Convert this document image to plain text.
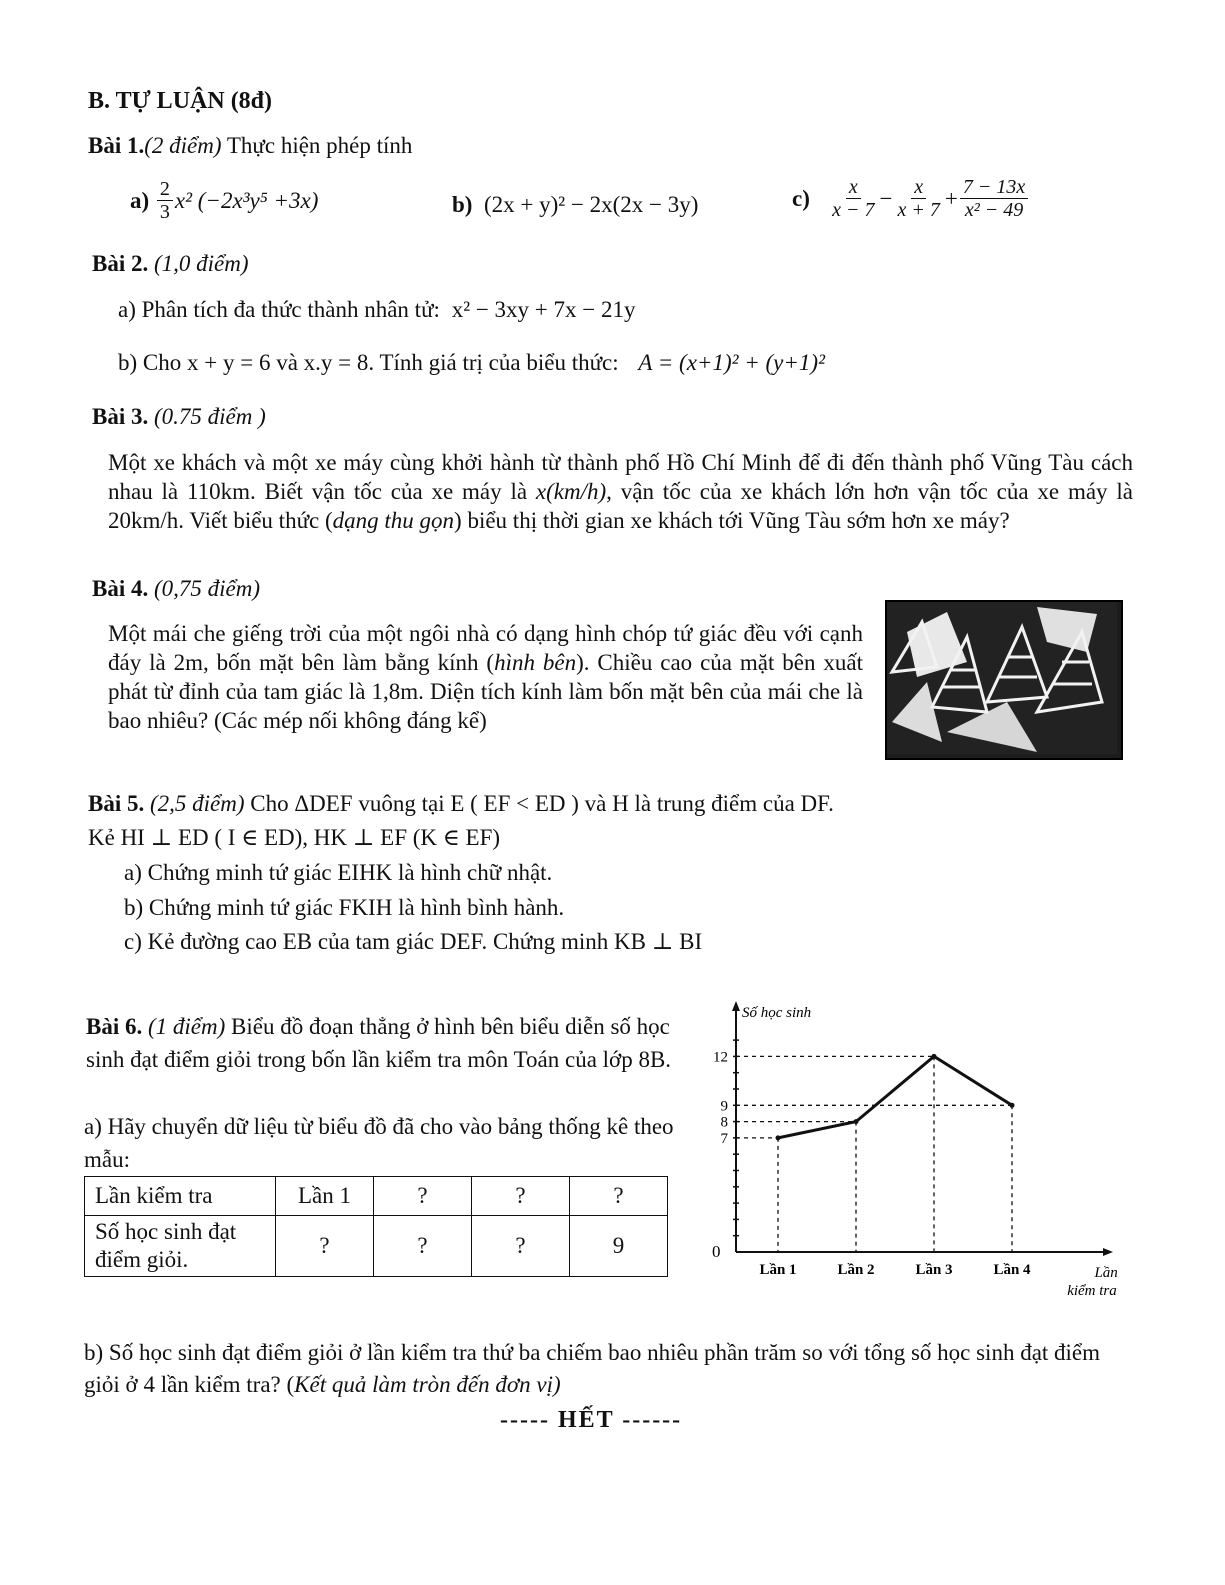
B. TỰ LUẬN (8đ)
Bài 1.(2 điểm) Thực hiện phép tính
a)
$\frac{2}{3} x^2$ (−2x³y⁵ +3x)	b) (2x + y)² − 2x(2x − 3y)	c)
$\frac{x}{x - 7} - \frac{x}{x + 7} + \frac{7 - 13x}{\text{x² − 49}}$
Bài 2. (1,0 điểm)
a) Phân tích đa thức thành nhân tử: x² − 3xy + 7x − 21y
b) Cho x + y = 6 và x.y = 8. Tính giá trị của biểu thức: A = (x+1)² + (y+1)²
Bài 3. (0.75 điểm )
Một xe khách và một xe máy cùng khởi hành từ thành phố Hồ Chí Minh để đi đến thành phố Vũng Tàu cách nhau là 110km. Biết vận tốc của xe máy là x(km/h), vận tốc của xe khách lớn hơn vận tốc của xe máy là 20km/h. Viết biểu thức (dạng thu gọn) biểu thị thời gian xe khách tới Vũng Tàu sớm hơn xe máy?
Bài 4. (0,75 điểm)
Một mái che giếng trời của một ngôi nhà có dạng hình chóp tứ giác đều với cạnh đáy là 2m, bốn mặt bên làm bằng kính (hình bên). Chiều cao của mặt bên xuất phát từ đỉnh của tam giác là 1,8m. Diện tích kính làm bốn mặt bên của mái che là bao nhiêu? (Các mép nối không đáng kể)
Bài 5. (2,5 điểm) Cho ΔDEF vuông tại E ( EF < ED ) và H là trung điểm của DF.
Kẻ HI ⊥ ED ( I ∈ ED), HK ⊥ EF (K ∈ EF)
a) Chứng minh tứ giác EIHK là hình chữ nhật.
b) Chứng minh tứ giác FKIH là hình bình hành.
c) Kẻ đường cao EB của tam giác DEF. Chứng minh KB ⊥ BI
Bài 6. (1 điểm) Biểu đồ đoạn thẳng ở hình bên biểu diễn số học sinh đạt điểm giỏi trong bốn lần kiểm tra môn Toán của lớp 8B.
a) Hãy chuyển dữ liệu từ biểu đồ đã cho vào bảng thống kê theo mẫu:
Lần kiểm tra	Lần 1	?	?	?
Số học sinh đạt điểm giỏi.	?	?	?	9
7
8
9
12
Lần 1	Lần 2	Lần 3	Lần 4
Số học sinh
Lần kiểm tra
0
b) Số học sinh đạt điểm giỏi ở lần kiểm tra thứ ba chiếm bao nhiêu phần trăm so với tổng số học sinh đạt điểm giỏi ở 4 lần kiểm tra? (Kết quả làm tròn đến đơn vị)
----- HẾT ------
